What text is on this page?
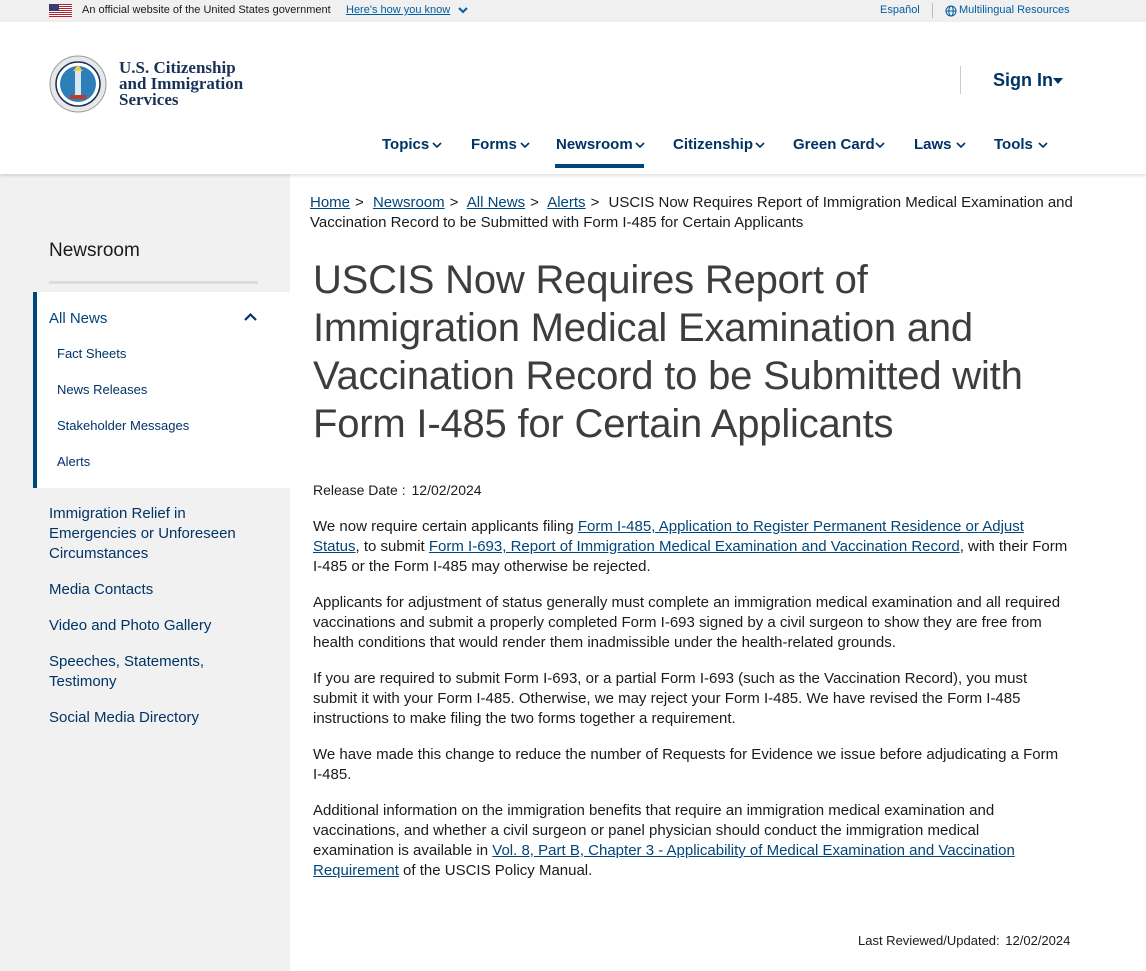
An official website of the United States government Here's how you know	Español	Multilingual Resources
U.S. Citizenship
and Immigration
Services
Sign In
Topics	Forms	Newsroom	Citizenship	Green Card	Laws	Tools
Newsroom
All News
Fact Sheets
News Releases
Stakeholder Messages
Alerts
Immigration Relief in Emergencies or Unforeseen Circumstances
Media Contacts
Video and Photo Gallery
Speeches, Statements, Testimony
Social Media Directory
Home > Newsroom > All News > Alerts > USCIS Now Requires Report of Immigration Medical Examination and Vaccination Record to be Submitted with Form I-485 for Certain Applicants
USCIS Now Requires Report of Immigration Medical Examination and Vaccination Record to be Submitted with Form I-485 for Certain Applicants
Release Date : 12/02/2024

We now require certain applicants filing Form I-485, Application to Register Permanent Residence or Adjust Status, to submit Form I-693, Report of Immigration Medical Examination and Vaccination Record, with their Form I-485 or the Form I-485 may otherwise be rejected.

Applicants for adjustment of status generally must complete an immigration medical examination and all required vaccinations and submit a properly completed Form I-693 signed by a civil surgeon to show they are free from health conditions that would render them inadmissible under the health-related grounds.

If you are required to submit Form I-693, or a partial Form I-693 (such as the Vaccination Record), you must submit it with your Form I-485. Otherwise, we may reject your Form I-485. We have revised the Form I-485 instructions to make filing the two forms together a requirement.

We have made this change to reduce the number of Requests for Evidence we issue before adjudicating a Form I-485.

Additional information on the immigration benefits that require an immigration medical examination and vaccinations, and whether a civil surgeon or panel physician should conduct the immigration medical examination is available in Vol. 8, Part B, Chapter 3 - Applicability of Medical Examination and Vaccination Requirement of the USCIS Policy Manual.

Last Reviewed/Updated: 12/02/2024
